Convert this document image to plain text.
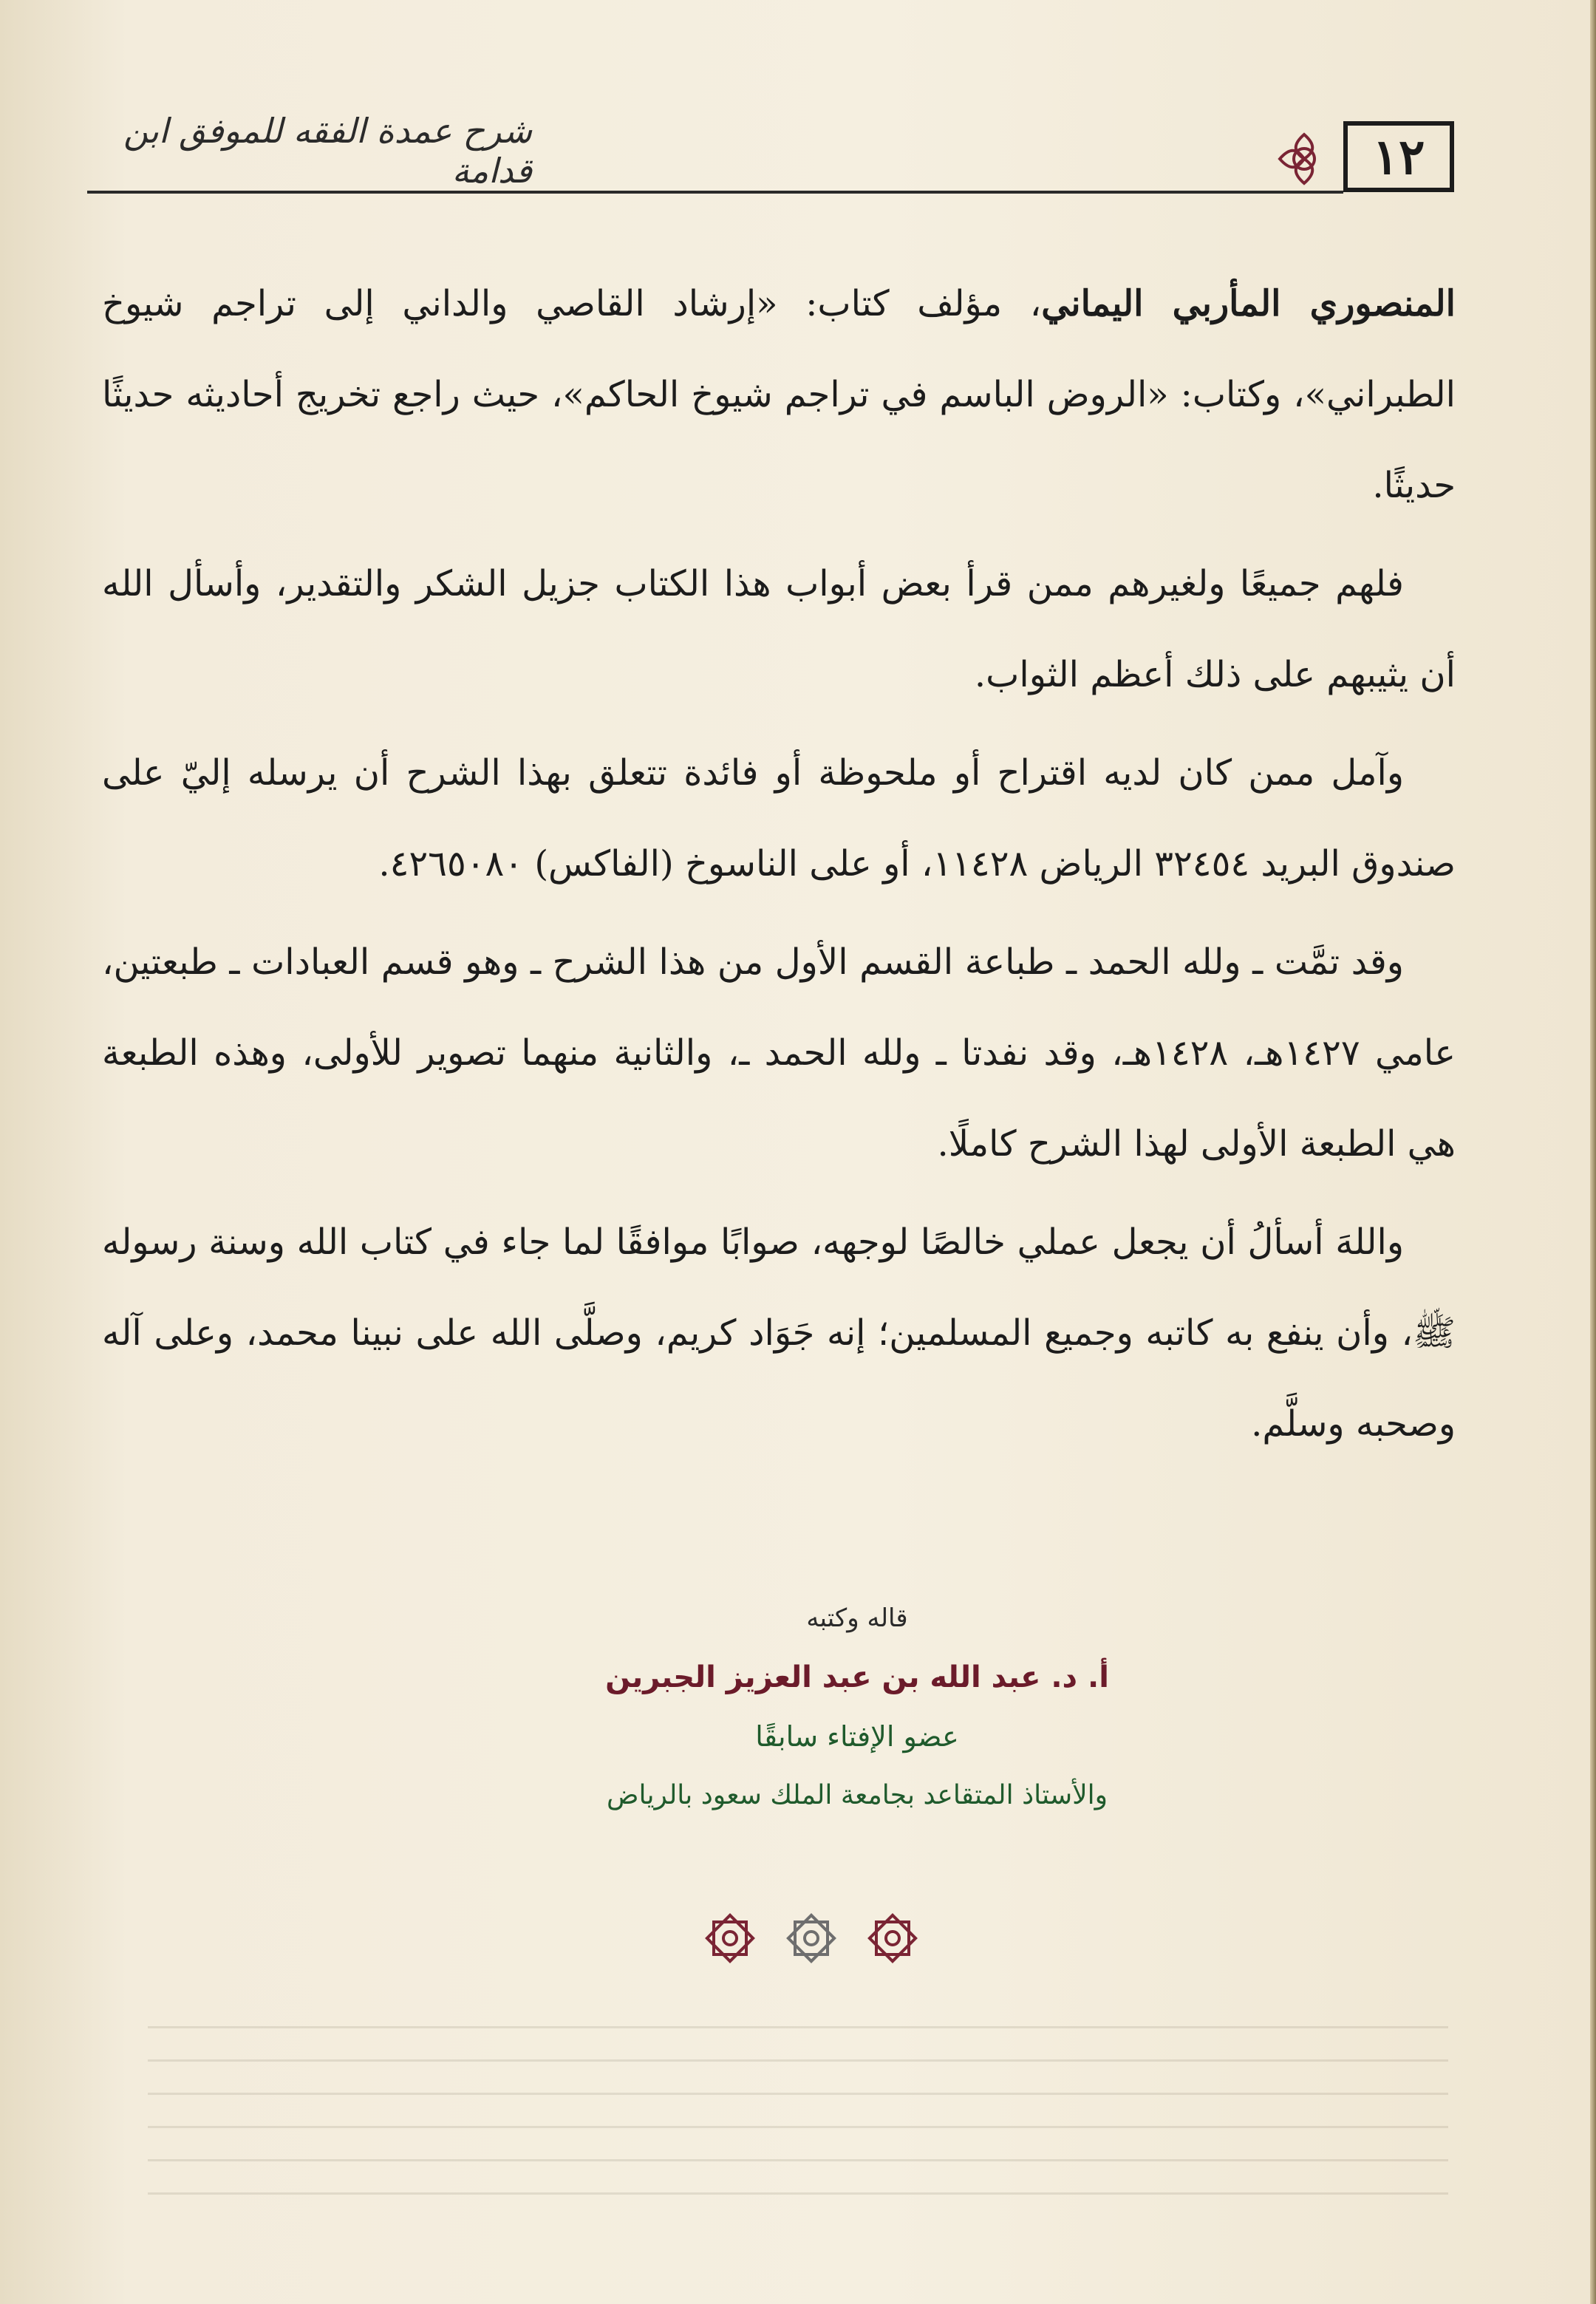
١٢
شرح عمدة الفقه للموفق ابن قدامة

المنصوري المأربي اليماني، مؤلف كتاب: «إرشاد القاصي والداني إلى تراجم شيوخ الطبراني»، وكتاب: «الروض الباسم في تراجم شيوخ الحاكم»، حيث راجع تخريج أحاديثه حديثًا حديثًا.

فلهم جميعًا ولغيرهم ممن قرأ بعض أبواب هذا الكتاب جزيل الشكر والتقدير، وأسأل الله أن يثيبهم على ذلك أعظم الثواب.

وآمل ممن كان لديه اقتراح أو ملحوظة أو فائدة تتعلق بهذا الشرح أن يرسله إليّ على صندوق البريد ٣٢٤٥٤ الرياض ١١٤٢٨، أو على الناسوخ (الفاكس) ٤٢٦٥٠٨٠.

وقد تمَّت ـ ولله الحمد ـ طباعة القسم الأول من هذا الشرح ـ وهو قسم العبادات ـ طبعتين، عامي ١٤٢٧هـ، ١٤٢٨هـ، وقد نفدتا ـ ولله الحمد ـ، والثانية منهما تصوير للأولى، وهذه الطبعة هي الطبعة الأولى لهذا الشرح كاملًا.

واللهَ أسألُ أن يجعل عملي خالصًا لوجهه، صوابًا موافقًا لما جاء في كتاب الله وسنة رسوله ﷺ، وأن ينفع به كاتبه وجميع المسلمين؛ إنه جَوَاد كريم، وصلَّى الله على نبينا محمد، وعلى آله وصحبه وسلَّم.

قاله وكتبه
أ. د. عبد الله بن عبد العزيز الجبرين
عضو الإفتاء سابقًا
والأستاذ المتقاعد بجامعة الملك سعود بالرياض
